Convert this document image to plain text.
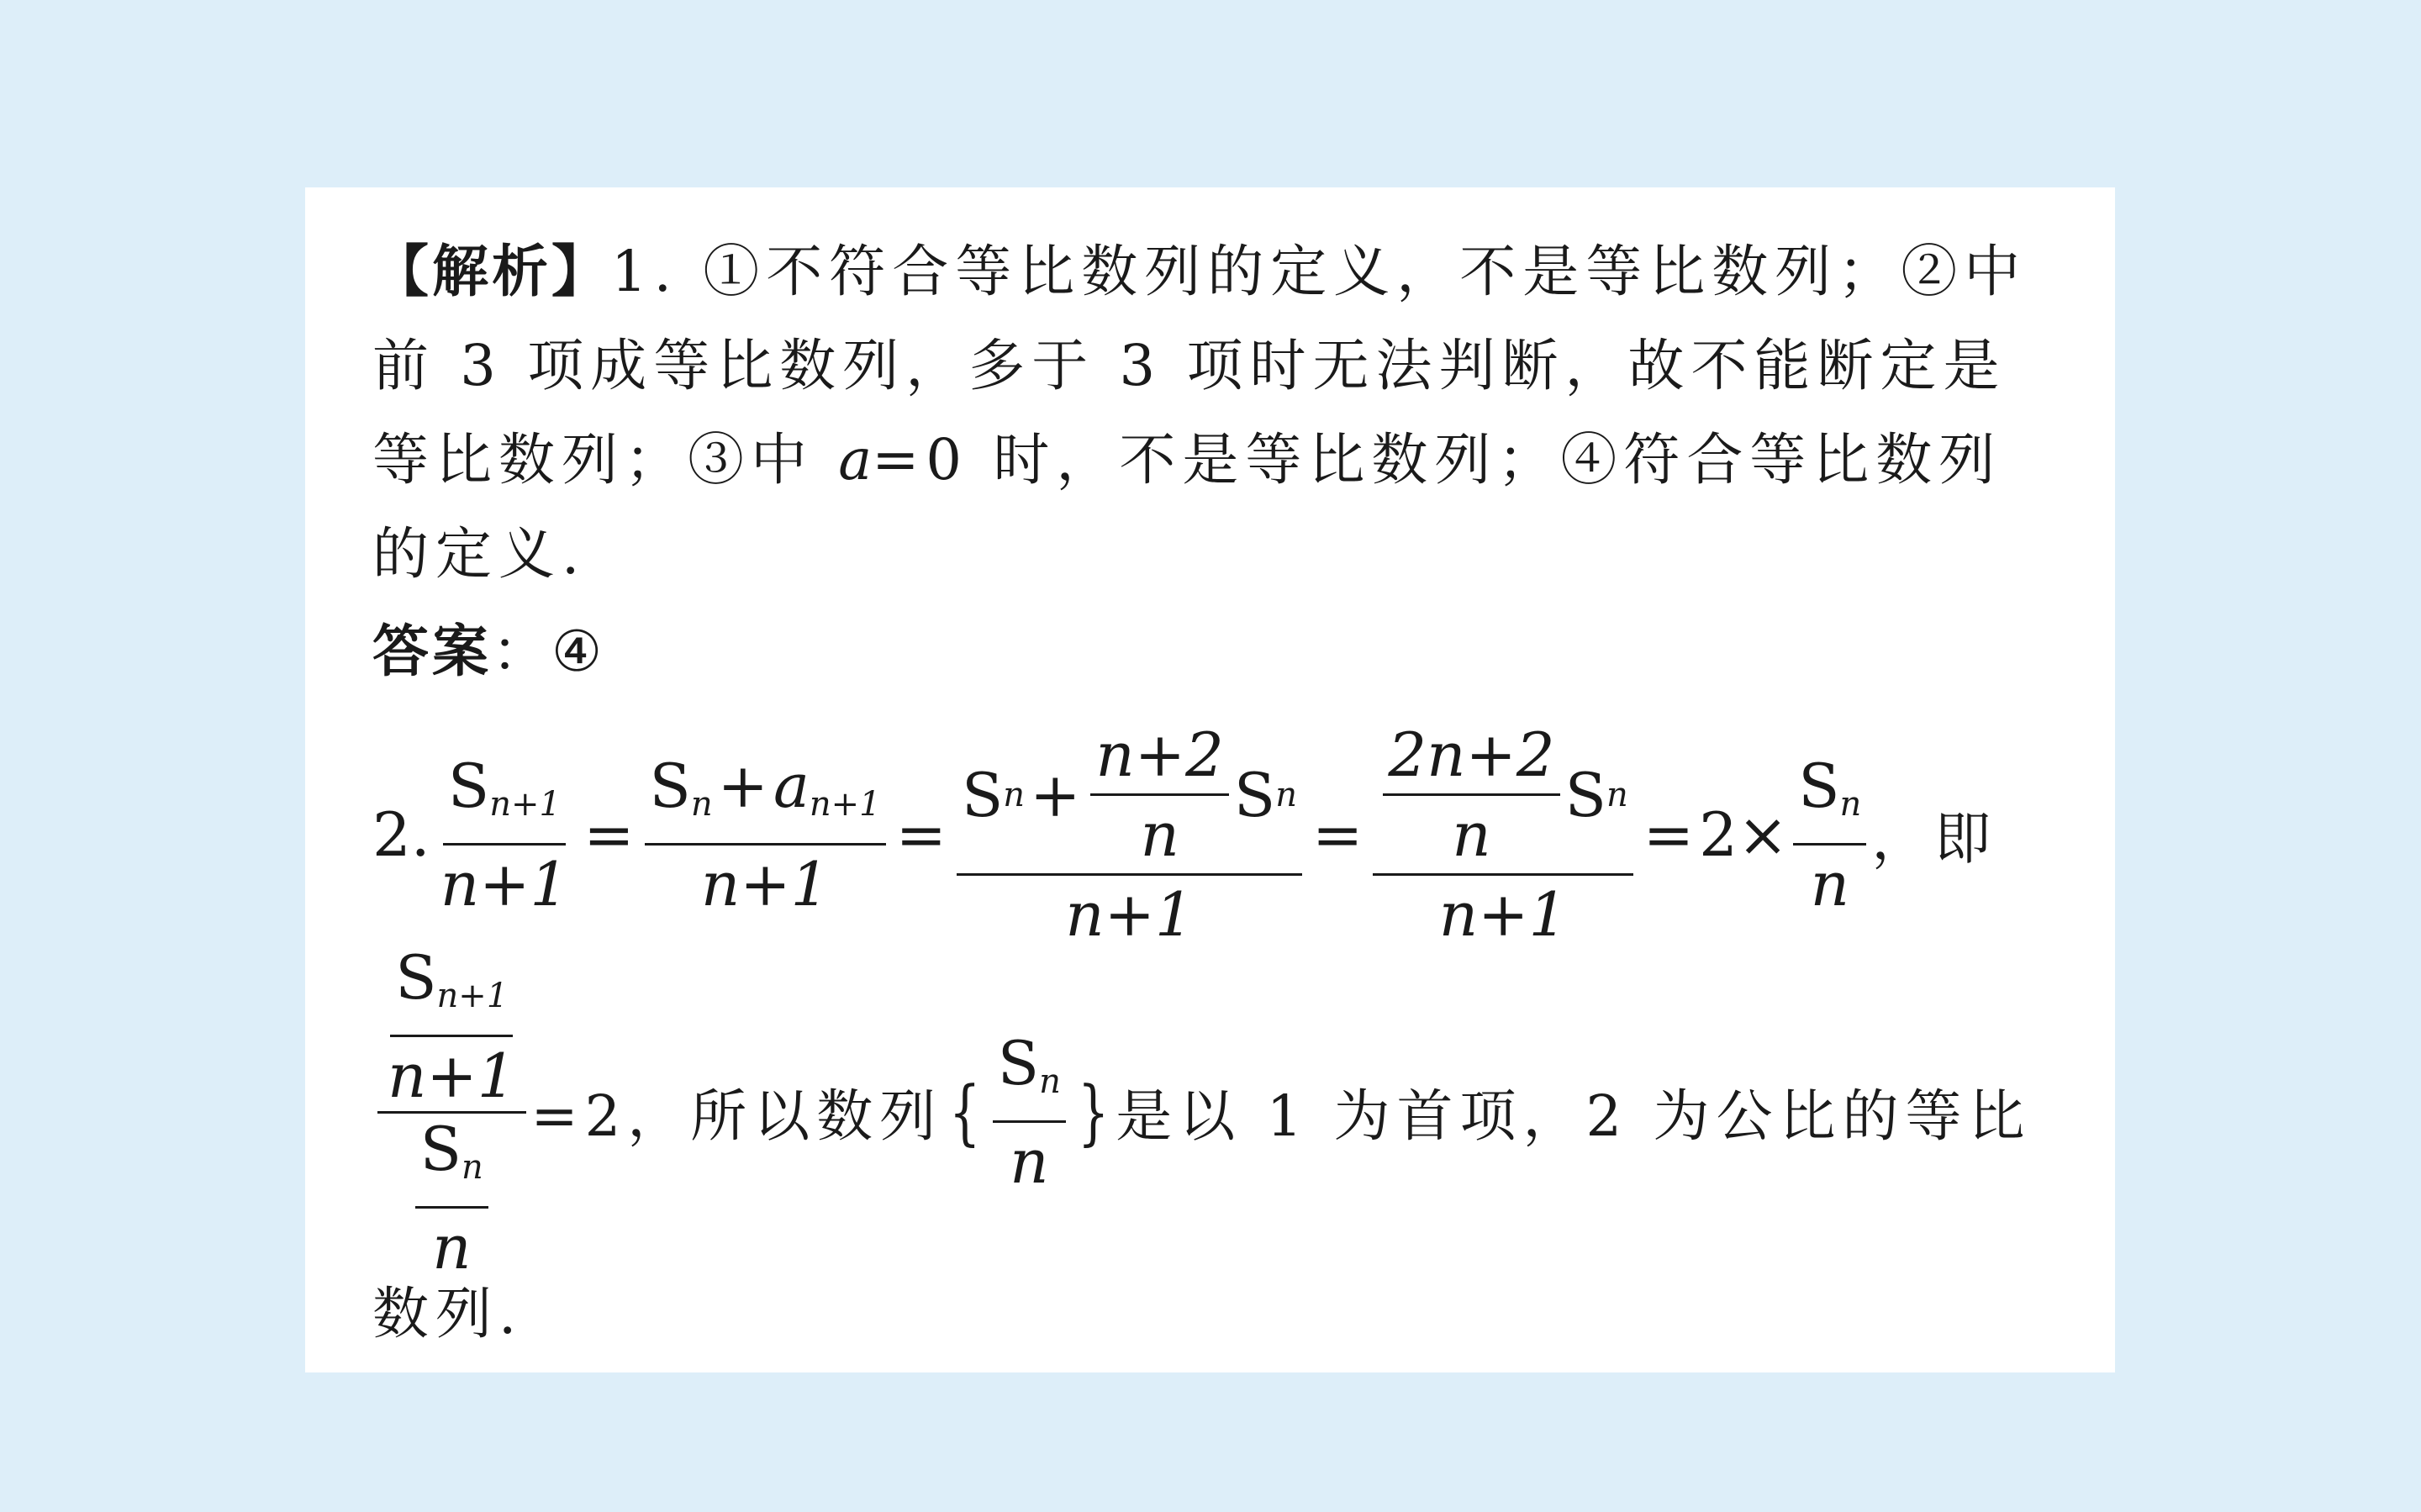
【解析】1. ①不符合等比数列的定义，不是等比数列；②中
前 3 项成等比数列，多于 3 项时无法判断，故不能断定是
等比数列；③中 a=0 时，不是等比数列；④符合等比数列
的定义.
答案：④
2. $\frac{S_{n+1}}{n+1} = \frac{S_n+a_{n+1}}{n+1} = \frac{S n + \frac{n+2}{n} S n}{n+1} = \frac{\frac{2n+2}{n} S n}{n+1} = 2\times \frac{S_n}{n}$ ，即
$\frac{\frac{S_{n+1}}{n+1}}{\frac{S_n}{n}} =2$，所以数列 { $\frac{S_n}{n}$ } 是以 1 为首项，2 为公比的等比
数列.
